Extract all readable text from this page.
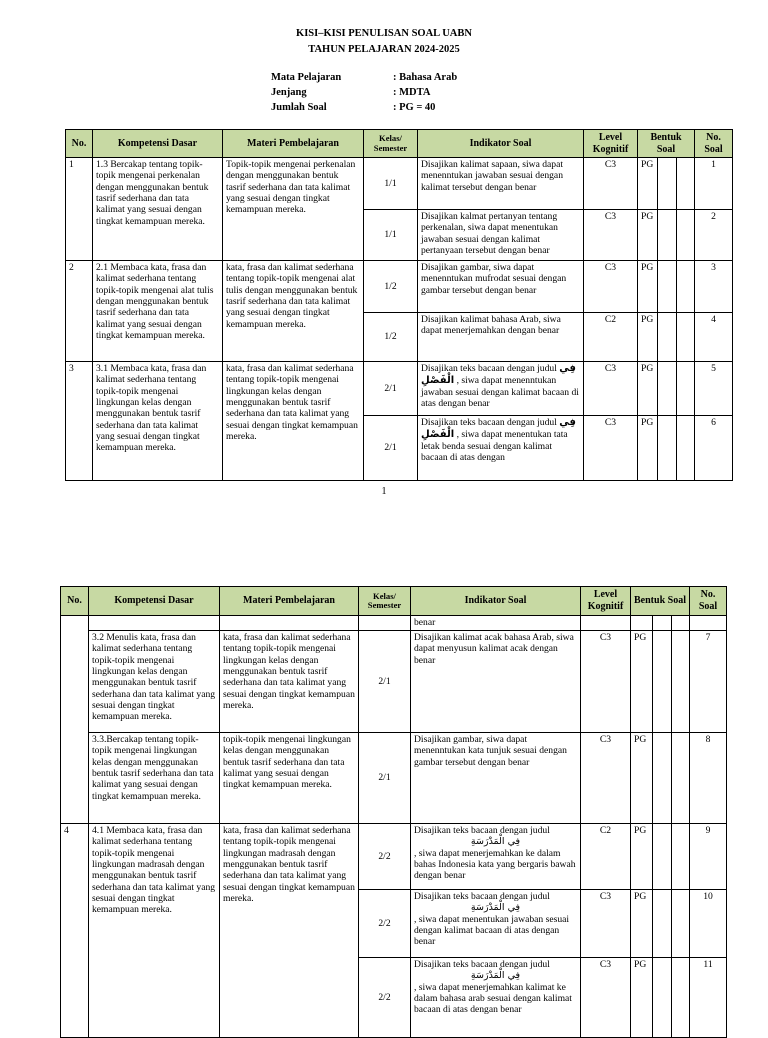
KISI–KISI PENULISAN SOAL UABN
TAHUN PELAJARAN 2024-2025
Mata Pelajaran	: Bahasa Arab
Jenjang	: MDTA
Jumlah Soal	: PG = 40
No.	Kompetensi Dasar	Materi Pembelajaran	Kelas/ Semester	Indikator Soal	Level Kognitif	Bentuk Soal			No. Soal
1	1.3 Bercakap tentang topik-topik mengenai perkenalan dengan menggunakan bentuk tasrif sederhana dan tata kalimat yang sesuai dengan tingkat kemampuan mereka.	Topik-topik mengenai perkenalan dengan menggunakan bentuk tasrif sederhana dan tata kalimat yang sesuai dengan tingkat kemampuan mereka.	1/1	Disajikan kalimat sapaan, siwa dapat menenntukan jawaban sesuai dengan kalimat tersebut dengan benar	C3	PG			1
			1/1	Disajikan kalmat pertanyan tentang perkenalan, siwa dapat menentukan jawaban sesuai dengan kalimat pertanyaan tersebut dengan benar	C3	PG			2
2	2.1 Membaca kata, frasa dan kalimat sederhana tentang topik-topik mengenai alat tulis dengan menggunakan bentuk tasrif sederhana dan tata kalimat yang sesuai dengan tingkat kemampuan mereka.	kata, frasa dan kalimat sederhana tentang topik-topik mengenai alat tulis dengan menggunakan bentuk tasrif sederhana dan tata kalimat yang sesuai dengan tingkat kemampuan mereka.	1/2	Disajikan gambar, siwa dapat menenntukan mufrodat sesuai dengan gambar tersebut dengan benar	C3	PG			3
			1/2	Disajikan kalimat bahasa Arab, siwa dapat menerjemahkan dengan benar	C2	PG			4
3	3.1 Membaca kata, frasa dan kalimat sederhana tentang topik-topik mengenai lingkungan kelas dengan menggunakan bentuk tasrif sederhana dan tata kalimat yang sesuai dengan tingkat kemampuan mereka.	kata, frasa dan kalimat sederhana tentang topik-topik mengenai lingkungan kelas dengan menggunakan bentuk tasrif sederhana dan tata kalimat yang sesuai dengan tingkat kemampuan mereka.	2/1	Disajikan teks bacaan dengan judul فِي الْفَصْلِ , siwa dapat menenntukan jawaban sesuai dengan kalimat bacaan di atas dengan benar	C3	PG			5
			2/1	Disajikan teks bacaan dengan judul فِي الْفَصْلِ , siwa dapat menentukan tata letak benda sesuai dengan kalimat bacaan di atas dengan	C3	PG			6
1
No.	Kompetensi Dasar	Materi Pembelajaran	Kelas/ Semester	Indikator Soal	Level Kognitif	Bentuk Soal			No. Soal
				benar					
	3.2 Menulis kata, frasa dan kalimat sederhana tentang topik-topik mengenai lingkungan kelas dengan menggunakan bentuk tasrif sederhana dan tata kalimat yang sesuai dengan tingkat kemampuan mereka.	kata, frasa dan kalimat sederhana tentang topik-topik mengenai lingkungan kelas dengan menggunakan bentuk tasrif sederhana dan tata kalimat yang sesuai dengan tingkat kemampuan mereka.	2/1	Disajikan kalimat acak bahasa Arab, siwa dapat menyusun kalimat acak dengan benar	C3	PG			7
	3.3.Bercakap tentang topik-topik mengenai lingkungan kelas dengan menggunakan bentuk tasrif sederhana dan tata kalimat yang sesuai dengan tingkat kemampuan mereka.	topik-topik mengenai lingkungan kelas dengan menggunakan bentuk tasrif sederhana dan tata kalimat yang sesuai dengan tingkat kemampuan mereka.	2/1	Disajikan gambar, siwa dapat menenntukan kata tunjuk sesuai dengan gambar tersebut dengan benar	C3	PG			8
4	4.1 Membaca kata, frasa dan kalimat sederhana tentang topik-topik mengenai lingkungan madrasah dengan menggunakan bentuk tasrif sederhana dan tata kalimat yang sesuai dengan tingkat kemampuan mereka.	kata, frasa dan kalimat sederhana tentang topik-topik mengenai lingkungan madrasah dengan menggunakan bentuk tasrif sederhana dan tata kalimat yang sesuai dengan tingkat kemampuan mereka.	2/2	Disajikan teks bacaan dengan judul
فِي الْمَدْرَسَةِ
, siwa dapat menerjemahkan ke dalam bahas Indonesia kata yang bergaris bawah dengan benar	C2	PG			9
			2/2	Disajikan teks bacaan dengan judul
فِي الْمَدْرَسَةِ
, siwa dapat menentukan jawaban sesuai dengan kalimat bacaan di atas dengan benar	C3	PG			10
			2/2	Disajikan teks bacaan dengan judul
فِي الْمَدْرَسَةِ
, siwa dapat menerjemahkan kalimat ke dalam bahasa arab sesuai dengan kalimat bacaan di atas dengan benar	C3	PG			11
